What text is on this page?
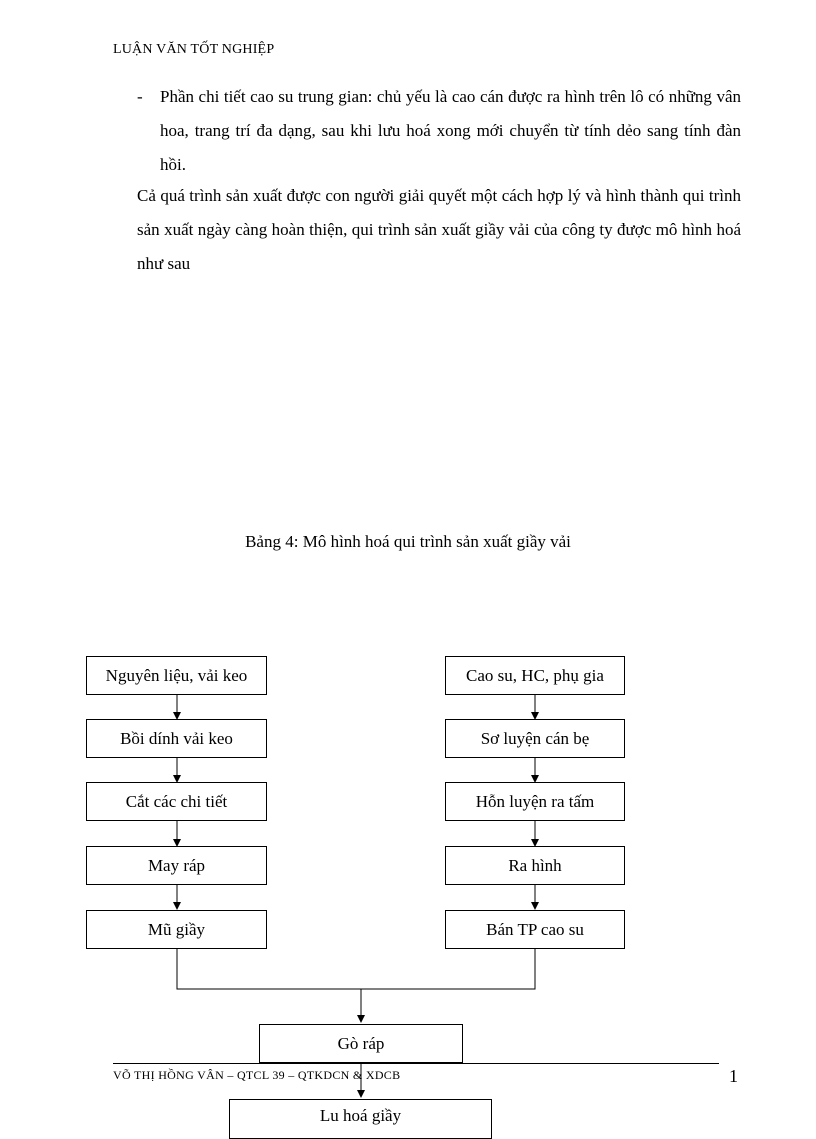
LUẬN VĂN TỐT NGHIỆP
- Phần chi tiết cao su trung gian: chủ yếu là cao cán được ra hình trên lô có những vân hoa, trang trí đa dạng, sau khi lưu hoá xong mới chuyển từ tính dẻo sang tính đàn hồi.
Cả quá trình sản xuất được con người giải quyết một cách hợp lý và hình thành qui trình sản xuất ngày càng hoàn thiện, qui trình sản xuất giầy vải của công ty được mô hình hoá như sau
Bảng 4: Mô hình hoá qui trình sản xuất giầy vải
Nguyên liệu, vải keo
Bồi dính vải keo
Cắt các chi tiết
May ráp
Mũ giầy
Cao su, HC, phụ gia
Sơ luyện cán bẹ
Hỗn luyện ra tấm
Ra hình
Bán TP cao su
Gò ráp
Lu hoá giầy
VÕ THỊ HỒNG VÂN – QTCL 39 – QTKDCN & XDCB	1
